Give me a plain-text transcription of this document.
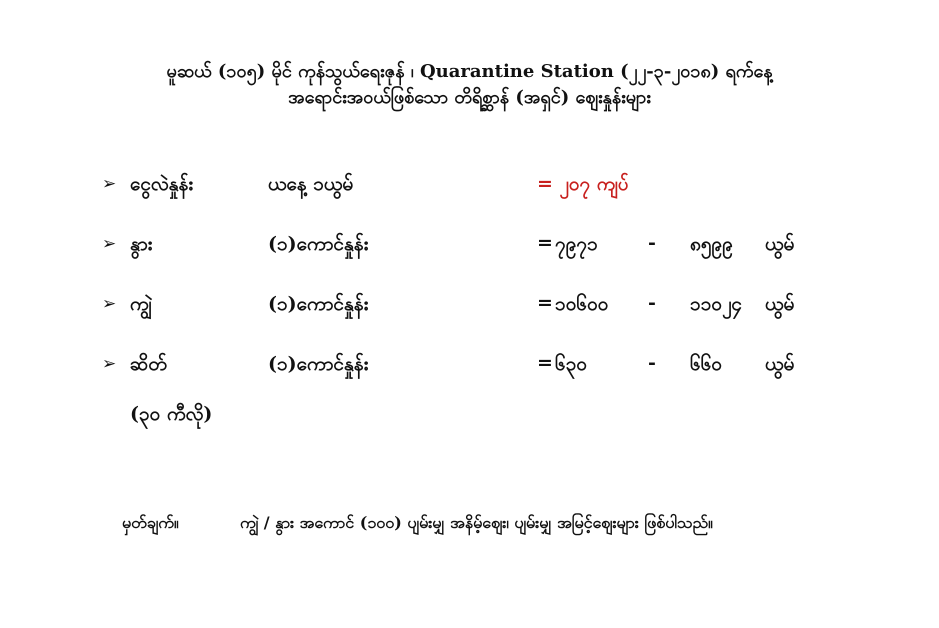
မူဆယ် (၁၀၅) မိုင် ကုန်သွယ်ရေးဇုန် ၊ Quarantine Station (၂၂-၃-၂၀၁၈) ရက်နေ့
အရောင်းအဝယ်ဖြစ်သော တိရိစ္ဆာန် (အရှင်) ဈေးနှုန်းများ
➢ ငွေလဲနှုန်း	ယနေ့ ၁ယွမ်	= ၂၀၇ ကျပ်
➢ နွား	(၁)ကောင်နှုန်း	= ၇၉၇၁	- ၈၅၉၉ ယွမ်
➢ ကျွဲ	(၁)ကောင်နှုန်း	= ၁၀၆၀၀ - ၁၁၀၂၄ ယွမ်
➢ ဆိတ်	(၁)ကောင်နှုန်း	= ၆၃၀	- ၆၆၀ ယွမ်
(၃၀ ကီလို)
မှတ်ချက်။	ကျွဲ / နွား အကောင် (၁၀၀) ပျမ်းမျှ အနိမ့်ဈေး၊ ပျမ်းမျှ အမြင့်ဈေးများ ဖြစ်ပါသည်။
